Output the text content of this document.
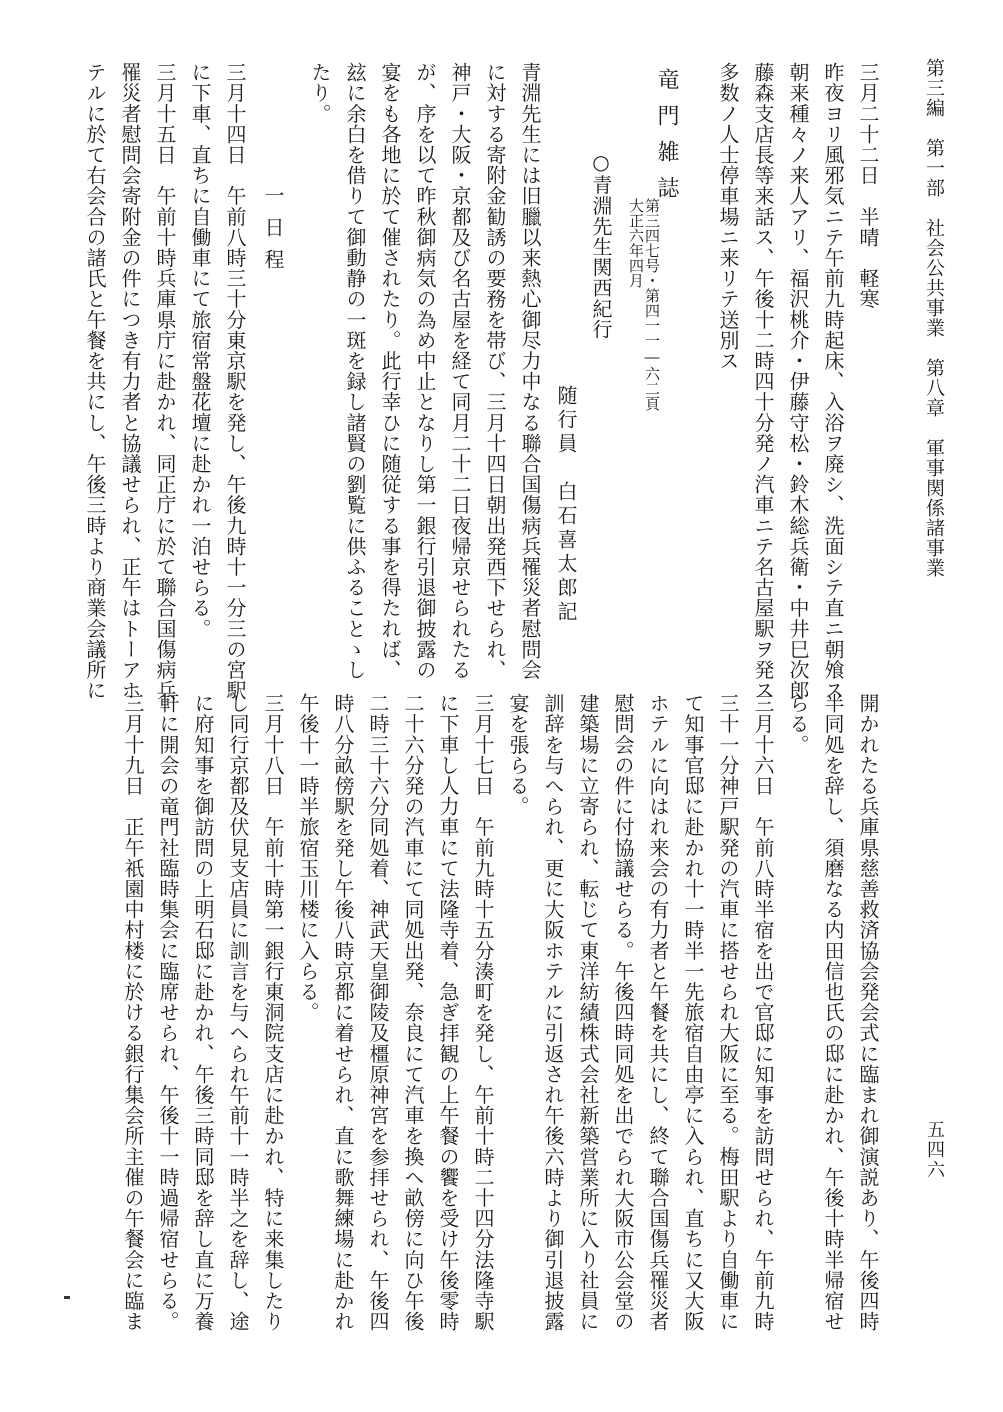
第三編　第一部　社会公共事業　第八章　軍事関係諸事業
五四六
三月二十二日　半晴　軽寒
昨夜ヨリ風邪気ニテ午前九時起床、入浴ヲ廃シ、洗面シテ直ニ朝飧ス
朝来種々ノ来人アリ、福沢桃介・伊藤守松・鈴木総兵衛・中井巳次郎
藤森支店長等来話ス、午後十二時四十分発ノ汽車ニテ名古屋駅ヲ発ス
多数ノ人士停車場ニ来リテ送別ス
竜門雑誌
第三四七号・第四一一―六二頁
大正六年四月
○青淵先生関西紀行
随行員　白石喜太郎記
青淵先生には旧臘以来熱心御尽力中なる聯合国傷病兵罹災者慰問会
に対する寄附金勧誘の要務を帯び、三月十四日朝出発西下せられ、
神戸・大阪・京都及び名古屋を経て同月二十二日夜帰京せられたる
が、序を以て昨秋御病気の為め中止となりし第一銀行引退御披露の
宴をも各地に於て催されたり。此行幸ひに随従する事を得たれば、
玆に余白を借りて御動静の一斑を録し諸賢の劉覧に供ふることゝし
たり。
一日程
三月十四日　午前八時三十分東京駅を発し、午後九時十一分三の宮駅
に下車、直ちに自働車にて旅宿常盤花壇に赴かれ一泊せらる。
三月十五日　午前十時兵庫県庁に赴かれ、同正庁に於て聯合国傷病兵
罹災者慰問会寄附金の件につき有力者と協議せられ、正午はトーアホ
テルに於て右会合の諸氏と午餐を共にし、午後三時より商業会議所に
開かれたる兵庫県慈善救済協会発会式に臨まれ御演説あり、午後四時
半同処を辞し、須磨なる内田信也氏の邸に赴かれ、午後十時半帰宿せ
らる。
三月十六日　午前八時半宿を出で官邸に知事を訪問せられ、午前九時
三十一分神戸駅発の汽車に搭せられ大阪に至る。梅田駅より自働車に
て知事官邸に赴かれ十一時半一先旅宿自由亭に入られ、直ちに又大阪
ホテルに向はれ来会の有力者と午餐を共にし、終て聯合国傷兵罹災者
慰問会の件に付協議せらる。午後四時同処を出でられ大阪市公会堂の
建築場に立寄られ、転じて東洋紡績株式会社新築営業所に入り社員に
訓辞を与へられ、更に大阪ホテルに引返され午後六時より御引退披露
宴を張らる。
三月十七日　午前九時十五分湊町を発し、午前十時二十四分法隆寺駅
に下車し人力車にて法隆寺着、急ぎ拝観の上午餐の饗を受け午後零時
二十六分発の汽車にて同処出発、奈良にて汽車を換へ畝傍に向ひ午後
二時三十六分同処着、神武天皇御陵及橿原神宮を参拝せられ、午後四
時八分畝傍駅を発し午後八時京都に着せられ、直に歌舞練場に赴かれ
午後十一時半旅宿玉川楼に入らる。
三月十八日　午前十時第一銀行東洞院支店に赴かれ、特に来集したり
し同行京都及伏見支店員に訓言を与へられ午前十一時半之を辞し、途
に府知事を御訪問の上明石邸に赴かれ、午後三時同邸を辞し直に万養
軒に開会の竜門社臨時集会に臨席せられ、午後十一時過帰宿せらる。
三月十九日　正午祇園中村楼に於ける銀行集会所主催の午餐会に臨ま
